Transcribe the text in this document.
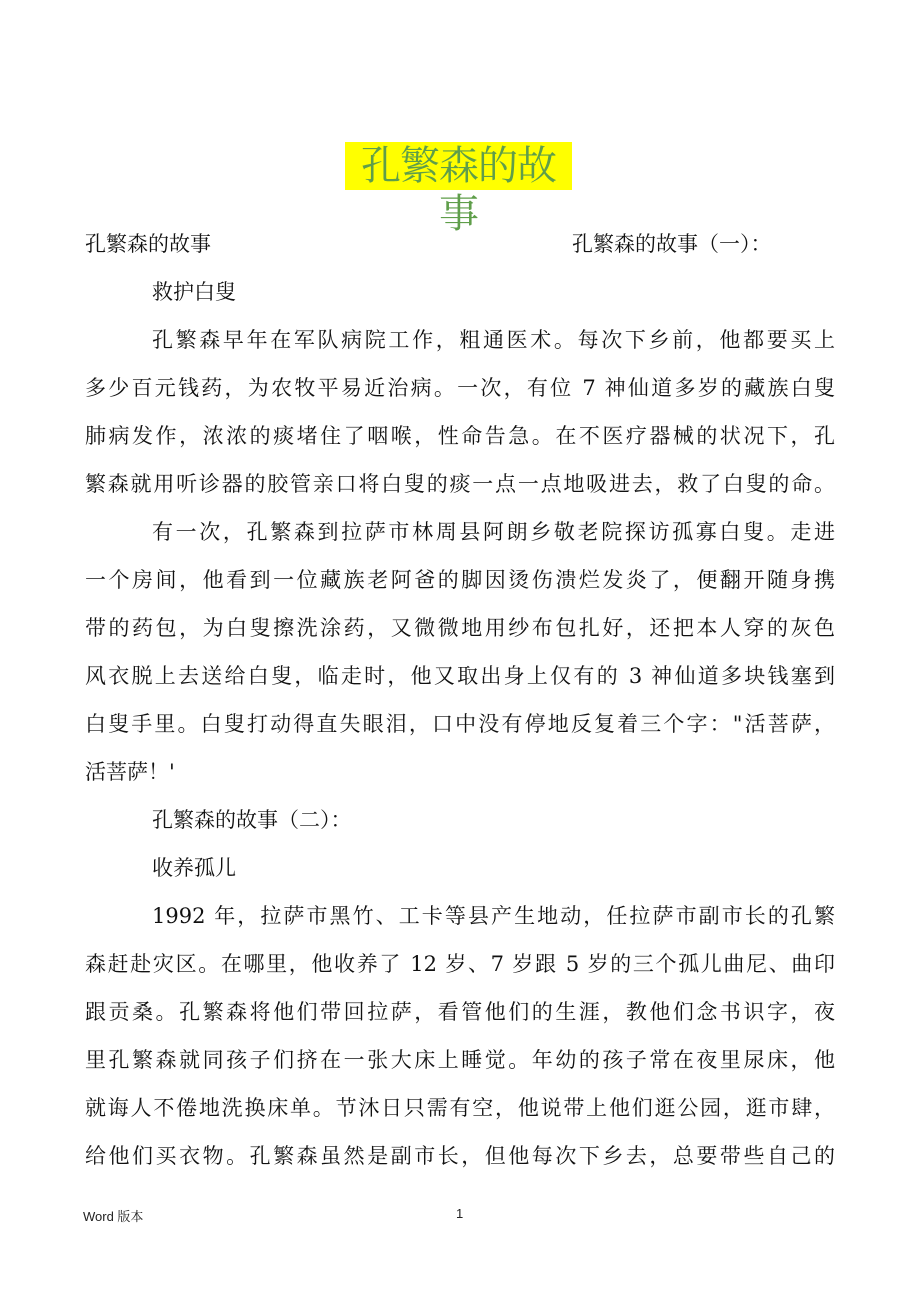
孔繁森的故事
孔繁森的故事	孔繁森的故事（一）：
救护白叟
孔繁森早年在军队病院工作，粗通医术。每次下乡前，他都要买上
多少百元钱药，为农牧平易近治病。一次，有位 7 神仙道多岁的藏族白叟
肺病发作，浓浓的痰堵住了咽喉，性命告急。在不医疗器械的状况下，孔
繁森就用听诊器的胶管亲口将白叟的痰一点一点地吸进去，救了白叟的命。
有一次，孔繁森到拉萨市林周县阿朗乡敬老院探访孤寡白叟。走进
一个房间，他看到一位藏族老阿爸的脚因烫伤溃烂发炎了，便翻开随身携
带的药包，为白叟擦洗涂药，又微微地用纱布包扎好，还把本人穿的灰色
风衣脱上去送给白叟，临走时，他又取出身上仅有的 3 神仙道多块钱塞到
白叟手里。白叟打动得直失眼泪，口中没有停地反复着三个字："活菩萨，
活菩萨！'
孔繁森的故事（二）：
收养孤儿
1992 年，拉萨市黑竹、工卡等县产生地动，任拉萨市副市长的孔繁
森赶赴灾区。在哪里，他收养了 12 岁、7 岁跟 5 岁的三个孤儿曲尼、曲印
跟贡桑。孔繁森将他们带回拉萨，看管他们的生涯，教他们念书识字，夜
里孔繁森就同孩子们挤在一张大床上睡觉。年幼的孩子常在夜里尿床，他
就诲人不倦地洗换床单。节沐日只需有空，他说带上他们逛公园，逛市肆，
给他们买衣物。孔繁森虽然是副市长，但他每次下乡去，总要带些自己的
Word 版本	1
